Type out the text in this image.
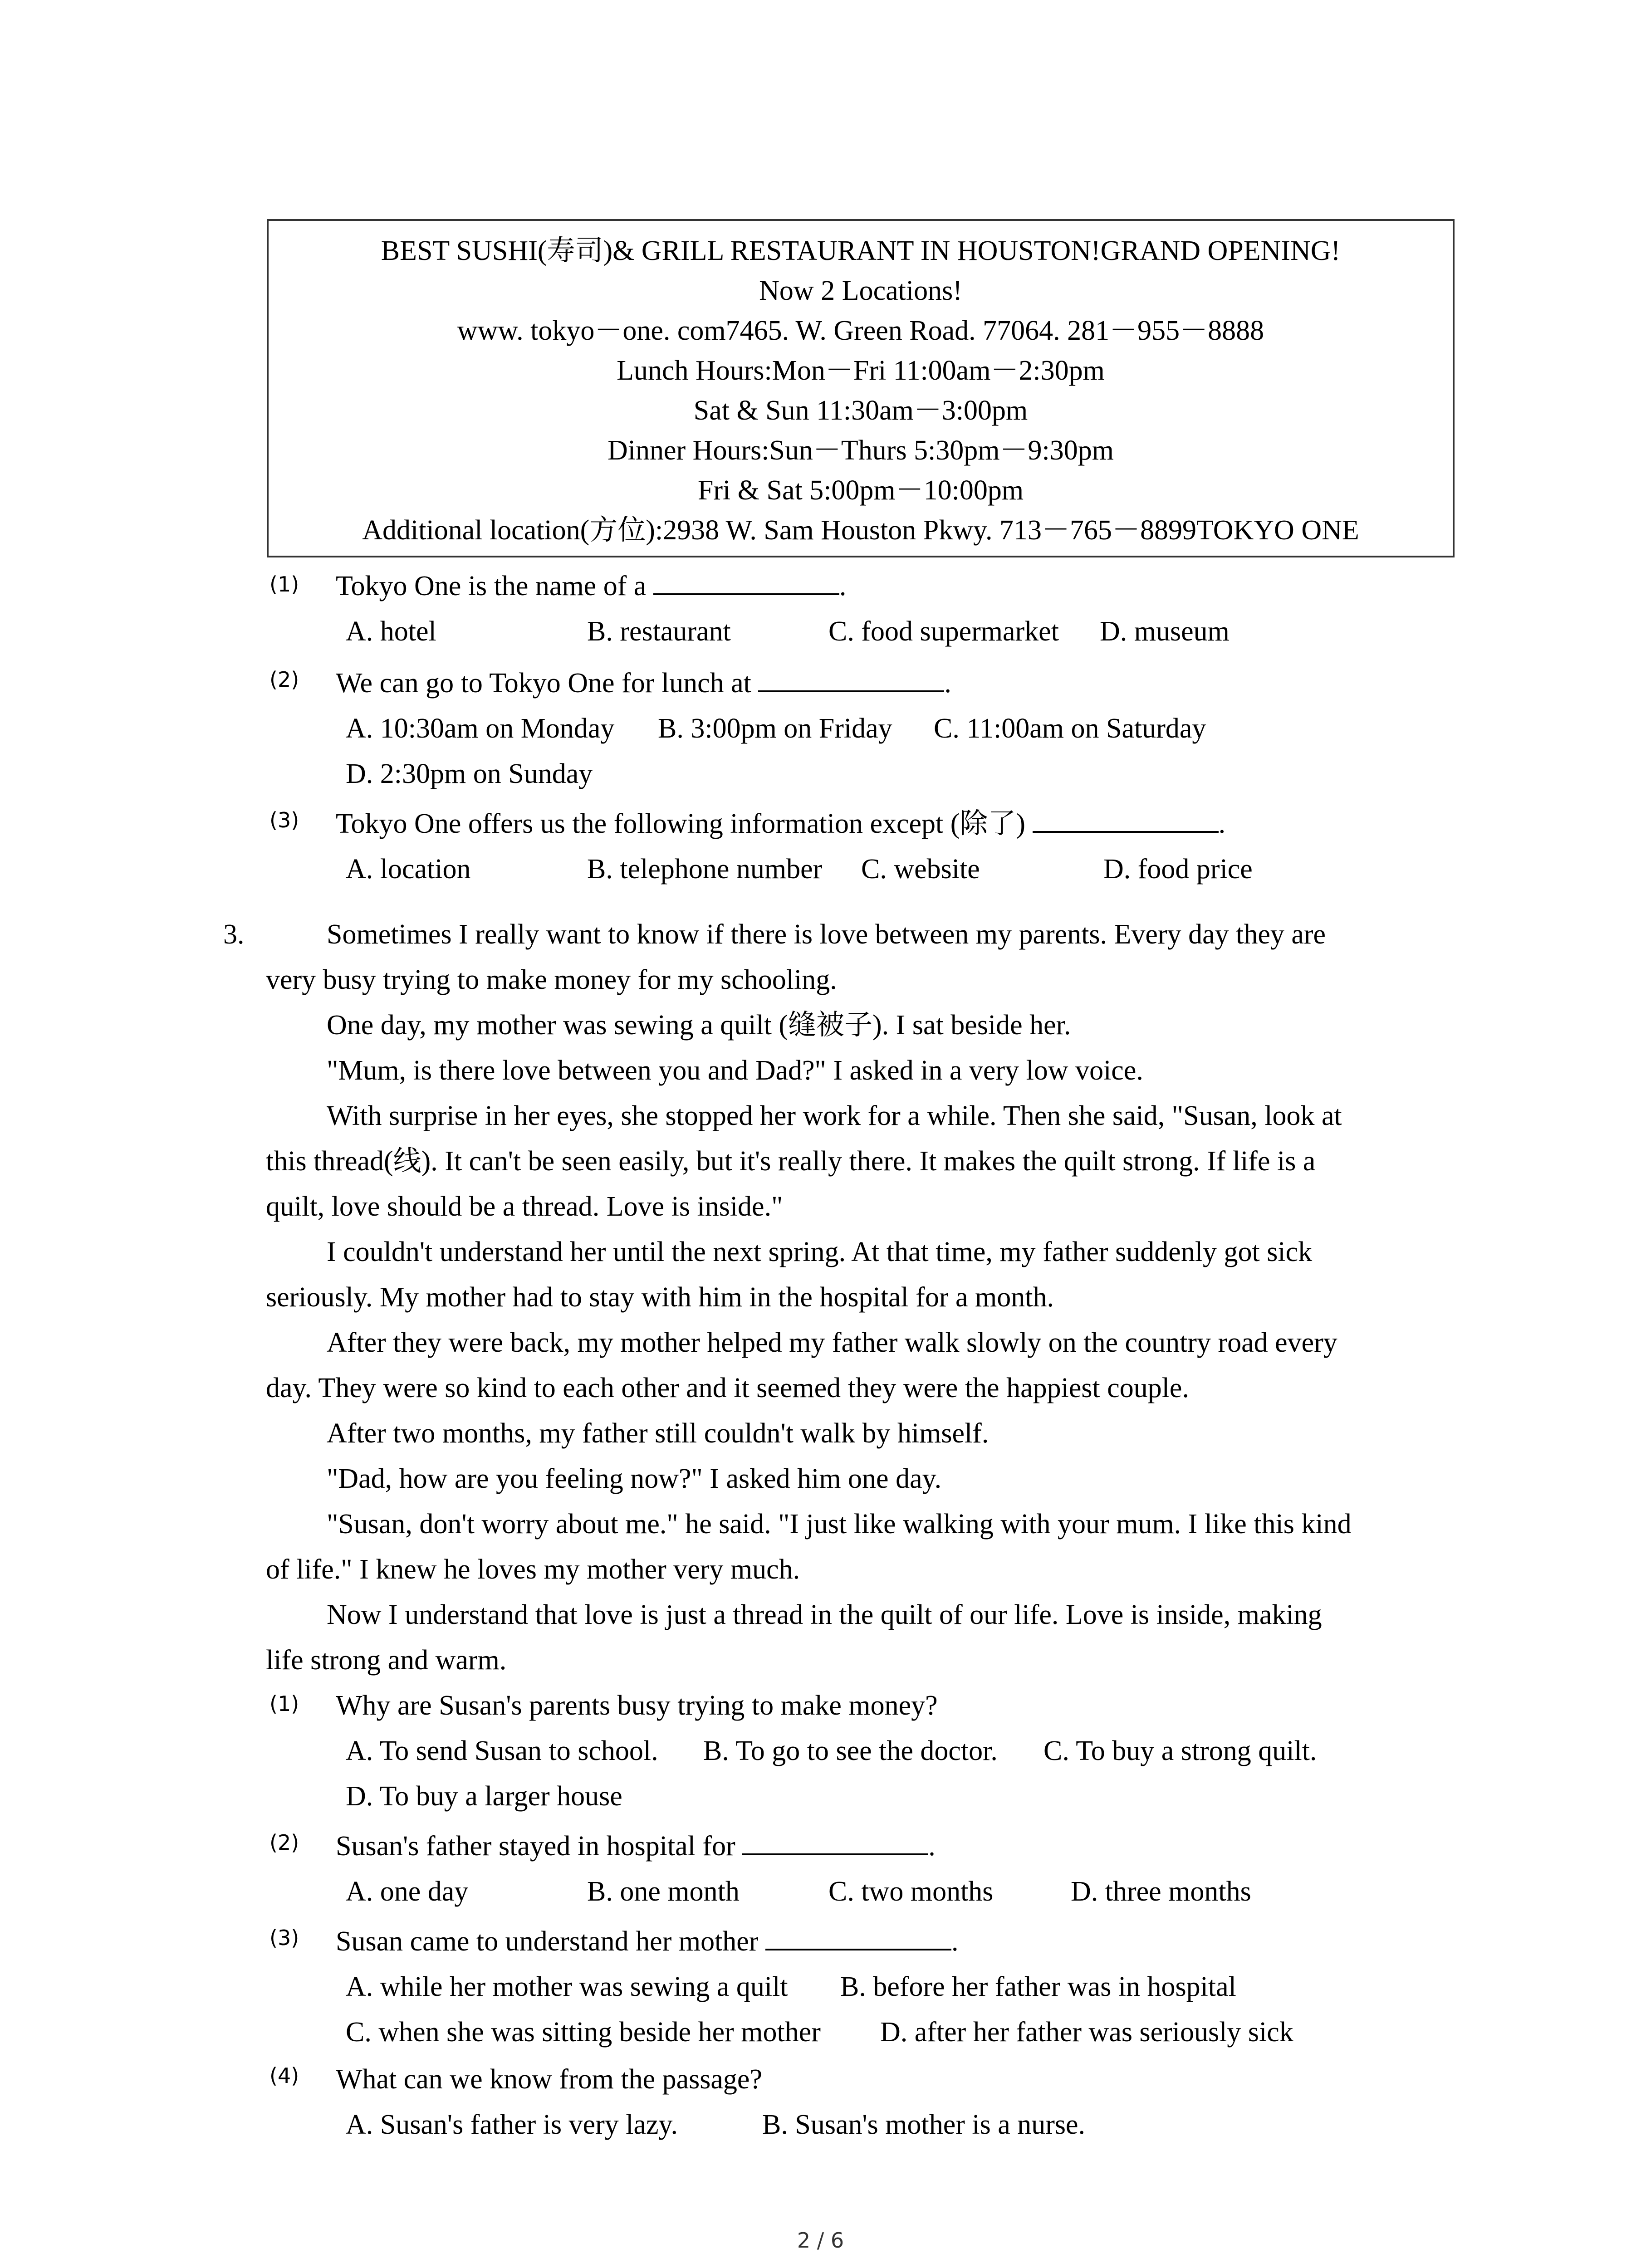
BEST SUSHI(寿司)& GRILL RESTAURANT IN HOUSTON!GRAND OPENING!
Now 2 Locations!
www. tokyo－one. com7465. W. Green Road. 77064. 281－955－8888
Lunch Hours:Mon－Fri 11:00am－2:30pm
Sat & Sun 11:30am－3:00pm
Dinner Hours:Sun－Thurs 5:30pm－9:30pm
Fri & Sat 5:00pm－10:00pm
Additional location(方位):2938 W. Sam Houston Pkwy. 713－765－8899TOKYO ONE
(1) Tokyo One is the name of a	.
A. hotel	B. restaurant	C. food supermarket D. museum
(2) We can go to Tokyo One for lunch at	.
A. 10:30am on Monday B. 3:00pm on Friday C. 11:00am on Saturday
D. 2:30pm on Sunday
(3) Tokyo One offers us the following information except (除了)	.
A. location	B. telephone number C. website	D. food price
3.	Sometimes I really want to know if there is love between my parents. Every day they are
very busy trying to make money for my schooling.
One day, my mother was sewing a quilt (缝被子). I sat beside her.
"Mum, is there love between you and Dad?" I asked in a very low voice.
With surprise in her eyes, she stopped her work for a while. Then she said, "Susan, look at
this thread(线). It can't be seen easily, but it's really there. It makes the quilt strong. If life is a
quilt, love should be a thread. Love is inside."
I couldn't understand her until the next spring. At that time, my father suddenly got sick
seriously. My mother had to stay with him in the hospital for a month.
After they were back, my mother helped my father walk slowly on the country road every
day. They were so kind to each other and it seemed they were the happiest couple.
After two months, my father still couldn't walk by himself.
"Dad, how are you feeling now?" I asked him one day.
"Susan, don't worry about me." he said. "I just like walking with your mum. I like this kind
of life." I knew he loves my mother very much.
Now I understand that love is just a thread in the quilt of our life. Love is inside, making
life strong and warm.
(1) Why are Susan's parents busy trying to make money?
A. To send Susan to school. B. To go to see the doctor. C. To buy a strong quilt.
D. To buy a larger house
(2) Susan's father stayed in hospital for	.
A. one day	B. one month	C. two months	D. three months
(3) Susan came to understand her mother	.
A. while her mother was sewing a quilt B. before her father was in hospital
C. when she was sitting beside her mother D. after her father was seriously sick
(4) What can we know from the passage?
A. Susan's father is very lazy.	B. Susan's mother is a nurse.
2 / 6
